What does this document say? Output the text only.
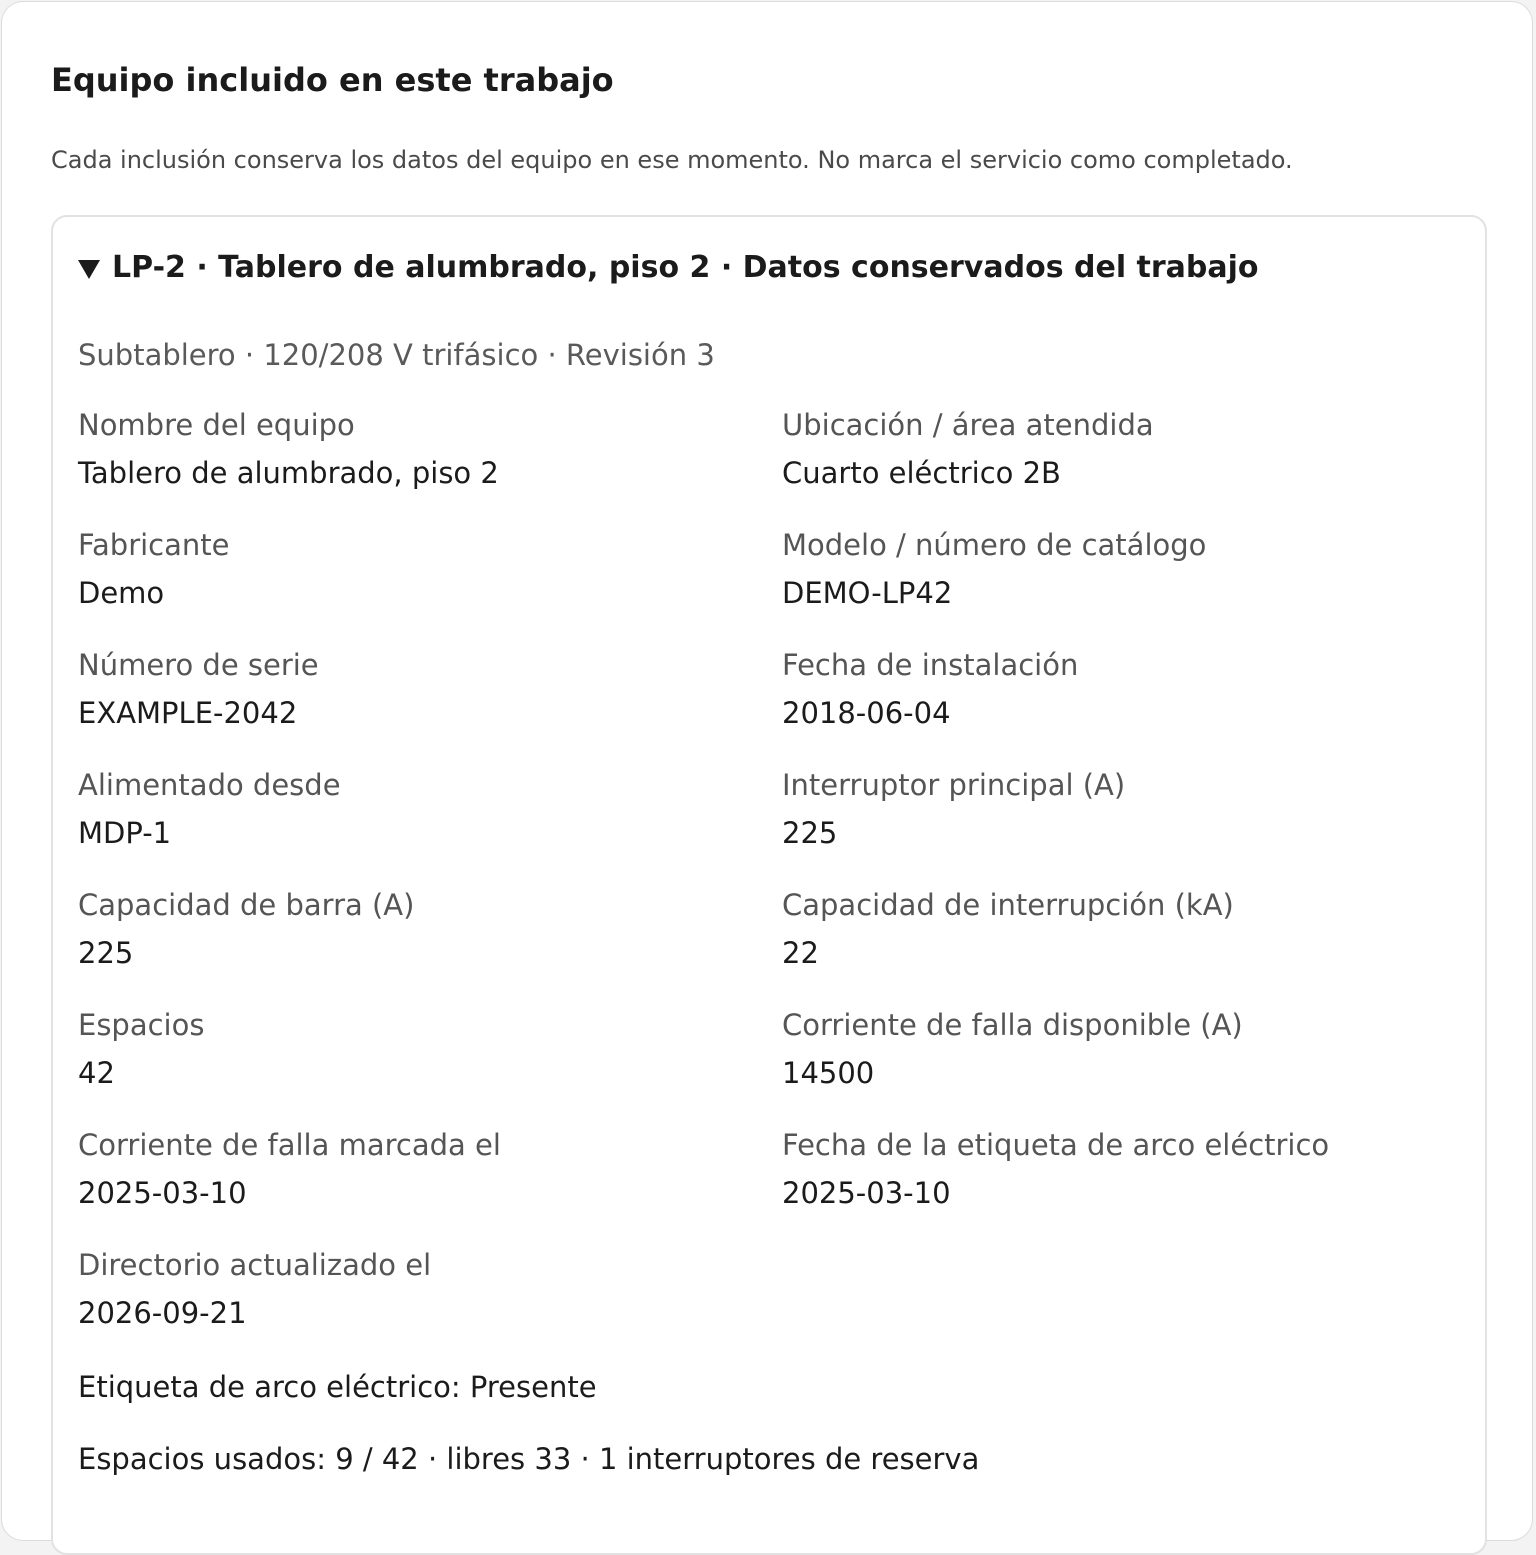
Equipo incluido en este trabajo

Cada inclusión conserva los datos del equipo en ese momento. No marca el servicio como completado.

LP-2 · Tablero de alumbrado, piso 2 · Datos conservados del trabajo
Subtablero · 120/208 V trifásico · Revisión 3
Nombre del equipo
Tablero de alumbrado, piso 2
Ubicación / área atendida
Cuarto eléctrico 2B
Fabricante
Demo
Modelo / número de catálogo
DEMO-LP42
Número de serie
EXAMPLE-2042
Fecha de instalación
2018-06-04
Alimentado desde
MDP-1
Interruptor principal (A)
225
Capacidad de barra (A)
225
Capacidad de interrupción (kA)
22
Espacios
42
Corriente de falla disponible (A)
14500
Corriente de falla marcada el
2025-03-10
Fecha de la etiqueta de arco eléctrico
2025-03-10
Directorio actualizado el
2026-09-21
Etiqueta de arco eléctrico: Presente
Espacios usados: 9 / 42 · libres 33 · 1 interruptores de reserva
